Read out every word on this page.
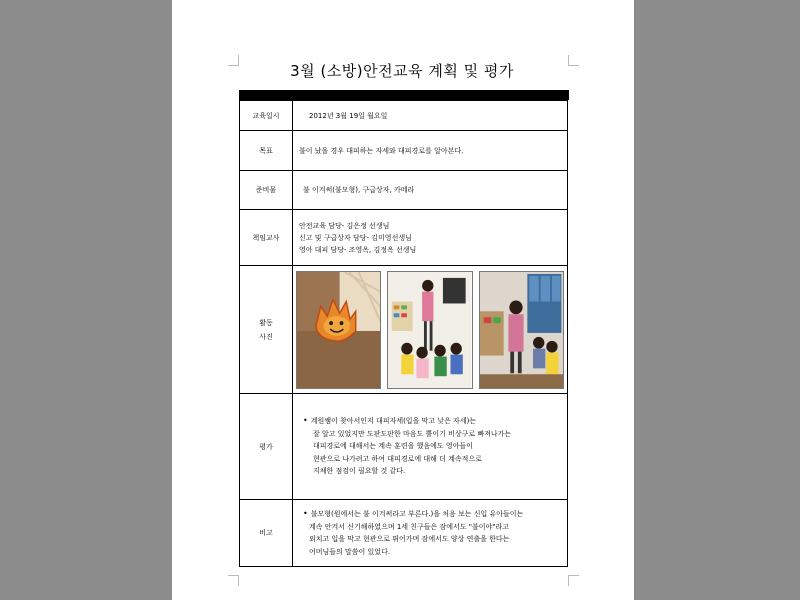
3월 (소방)안전교육 계획 및 평가
교육일시	2012년 3월 19일 월요일
목표	불이 났을 경우 대피하는 자세와 대피경로를 알아본다.
준비물	불 이겨써(불모형), 구급상자, 카메라
책임교사	안전교육 담당- 김은정 선생님
신고 및 구급상자 담당- 김미영선생님
영아 대피 담당- 조영옥, 김정옥 선생님

활동
사진

평가	• 계원쌤이 찾아서인지 대피자세(입을 막고 낮은 자세)는
잘 알고 있었지만 도판도판한 마음도 뿔이기 비상구로 빠져나가는
대피경로에 대해서는 계속 훈련을 했음에도 영아들이
현관으로 나가려고 하여 대피경로에 대해 더 계속적으로
지체한 점검이 필요할 것 같다.

비고	• 불모형(원에서는 불 이겨써라고 부른다.)을 처음 보는 신입 유아들이는
계속 안겨서 신기해하였으며 1세 친구들은 잠에서도 "불이야"라고
외치고 입을 막고 현관으로 뛰어가며 잠에서도 양상 연출을 한다는
어머님들의 말씀이 있었다.
